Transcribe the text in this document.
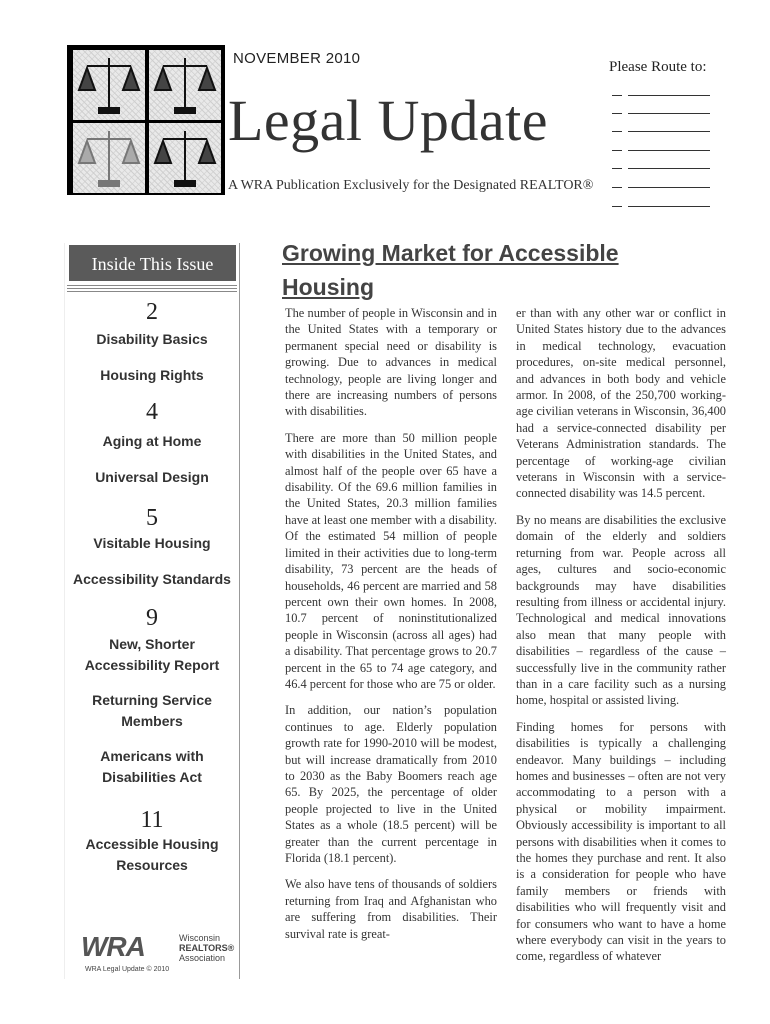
NOVEMBER 2010
Legal Update
A WRA Publication Exclusively for the Designated REALTOR®
Please Route to:
Inside This Issue
2
Disability Basics
Housing Rights
4
Aging at Home
Universal Design
5
Visitable Housing
Accessibility Standards
9
New, Shorter Accessibility Report
Returning Service Members
Americans with Disabilities Act
11
Accessible Housing Resources
WRA	Wisconsin
REALTORS®
Association
WRA Legal Update © 2010
Growing Market for Accessible Housing

The number of people in Wisconsin and in the United States with a temporary or permanent special need or disability is growing. Due to advances in medical technology, people are living longer and there are increasing numbers of persons with disabilities.

There are more than 50 million people with disabilities in the United States, and almost half of the people over 65 have a disability. Of the 69.6 million families in the United States, 20.3 million families have at least one member with a disability. Of the estimated 54 million of people limited in their activities due to long-term disability, 73 percent are the heads of households, 46 percent are married and 58 percent own their own homes. In 2008, 10.7 percent of noninstitutionalized people in Wisconsin (across all ages) had a disability. That percentage grows to 20.7 percent in the 65 to 74 age category, and 46.4 percent for those who are 75 or older.

In addition, our nation’s population continues to age. Elderly population growth rate for 1990-2010 will be modest, but will increase dramatically from 2010 to 2030 as the Baby Boomers reach age 65. By 2025, the percentage of older people projected to live in the United States as a whole (18.5 percent) will be greater than the current percentage in Florida (18.1 percent).

We also have tens of thousands of soldiers returning from Iraq and Afghanistan who are suffering from disabilities. Their survival rate is great-

er than with any other war or conflict in United States history due to the advances in medical technology, evacuation procedures, on-site medical personnel, and advances in both body and vehicle armor. In 2008, of the 250,700 working-age civilian veterans in Wisconsin, 36,400 had a service-connected disability per Veterans Administration standards. The percentage of working-age civilian veterans in Wisconsin with a service-connected disability was 14.5 percent.

By no means are disabilities the exclusive domain of the elderly and soldiers returning from war. People across all ages, cultures and socio-economic backgrounds may have disabilities resulting from illness or accidental injury. Technological and medical innovations also mean that many people with disabilities – regardless of the cause – successfully live in the community rather than in a care facility such as a nursing home, hospital or assisted living.

Finding homes for persons with disabilities is typically a challenging endeavor. Many buildings – including homes and businesses – often are not very accommodating to a person with a physical or mobility impairment. Obviously accessibility is important to all persons with disabilities when it comes to the homes they purchase and rent. It also is a consideration for people who have family members or friends with disabilities who will frequently visit and for consumers who want to have a home where everybody can visit in the years to come, regardless of whatever
